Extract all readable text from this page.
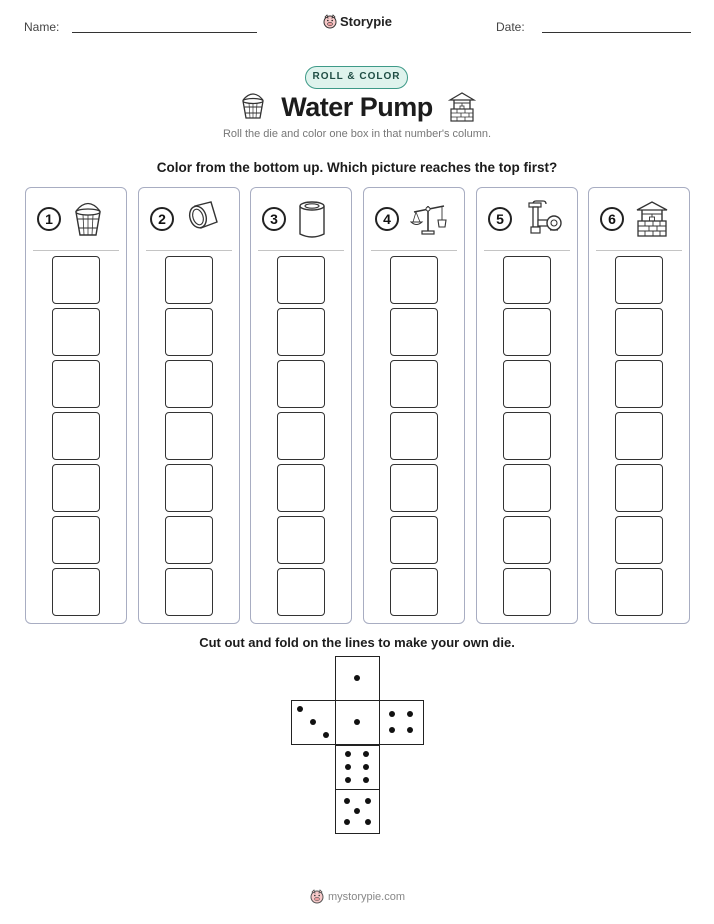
Name:	Storypie	Date:
ROLL & COLOR
Water Pump
Roll the die and color one box in that number's column.
Color from the bottom up. Which picture reaches the top first?
1	2	3	4	5	6
Cut out and fold on the lines to make your own die.
mystorypie.com
